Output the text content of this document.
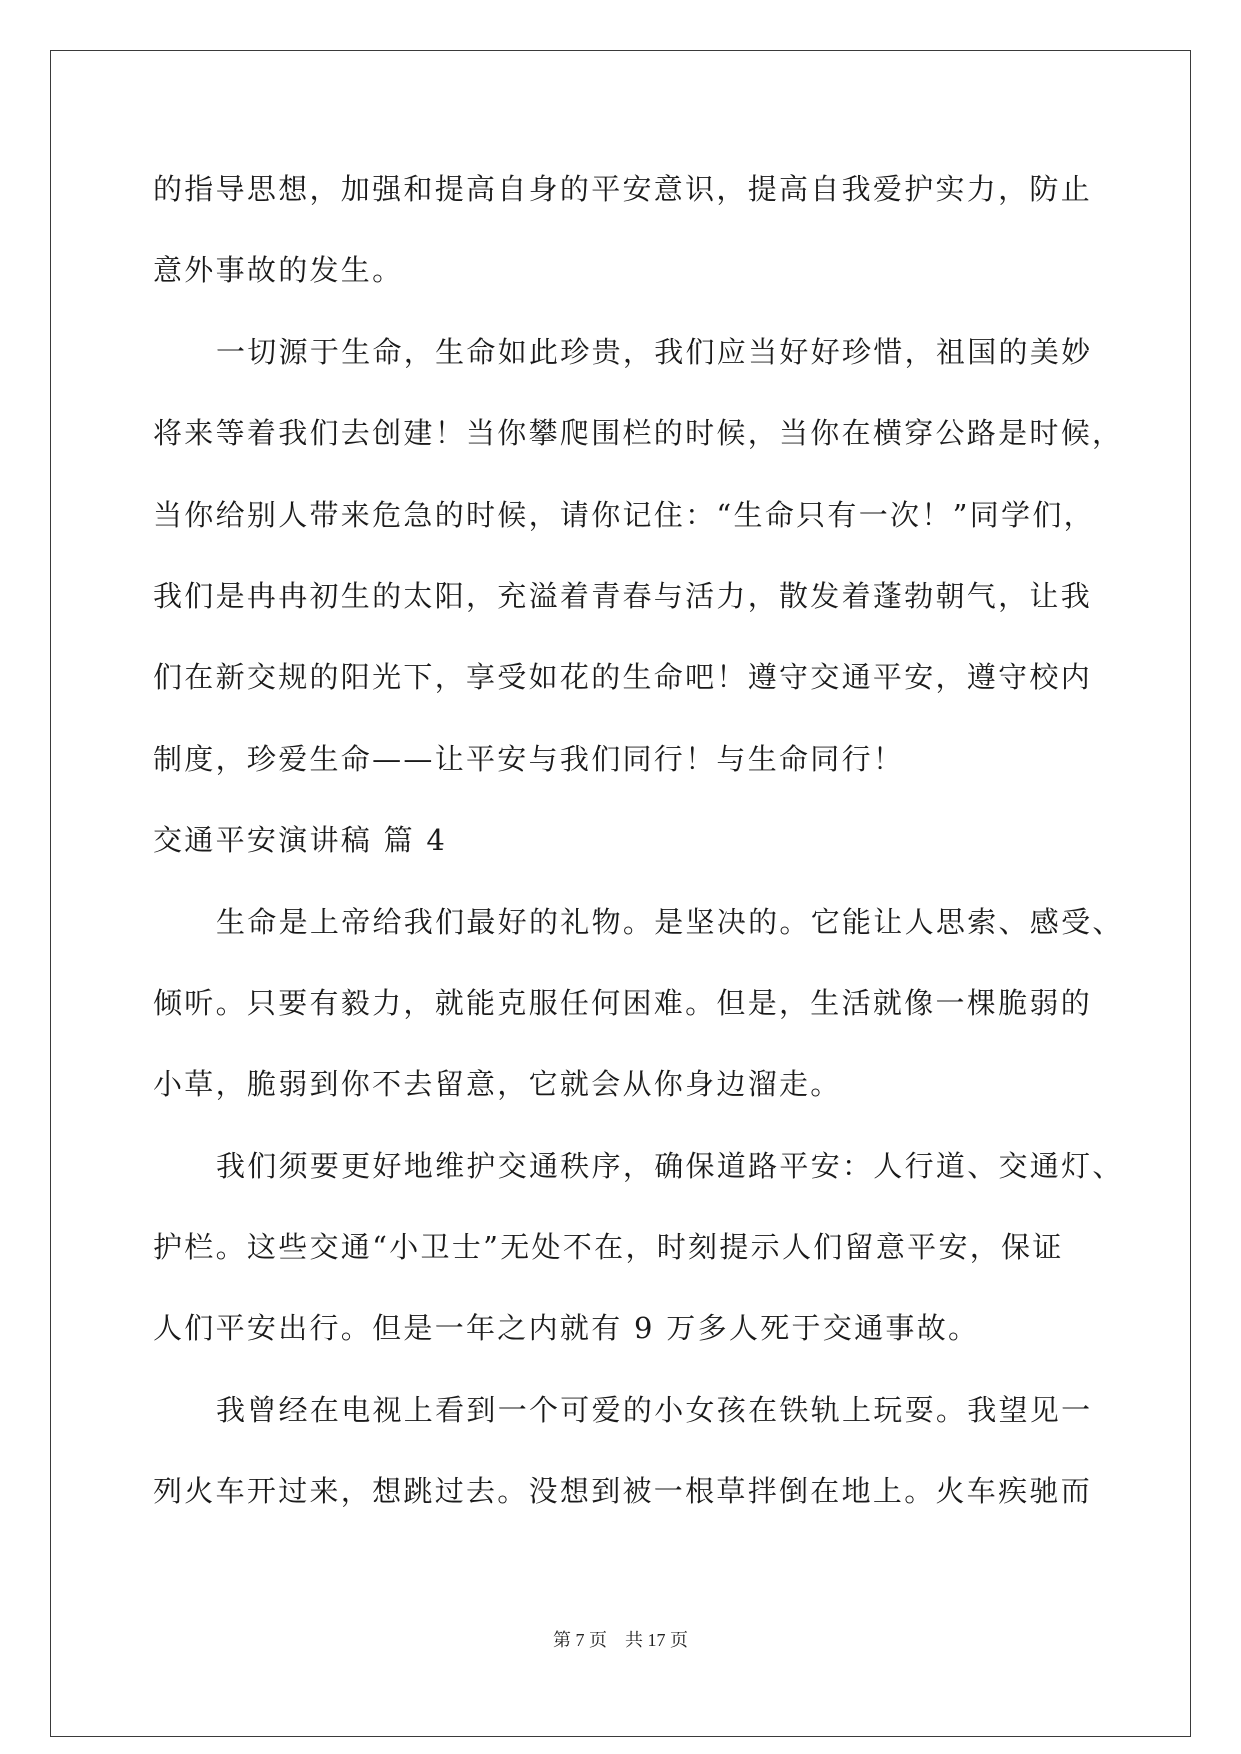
的指导思想，加强和提高自身的平安意识，提高自我爱护实力，防止
意外事故的发生。
一切源于生命，生命如此珍贵，我们应当好好珍惜，祖国的美妙
将来等着我们去创建！当你攀爬围栏的时候，当你在横穿公路是时候，
当你给别人带来危急的时候，请你记住：“生命只有一次！”同学们，
我们是冉冉初生的太阳，充溢着青春与活力，散发着蓬勃朝气，让我
们在新交规的阳光下，享受如花的生命吧！遵守交通平安，遵守校内
制度，珍爱生命——让平安与我们同行！与生命同行！
交通平安演讲稿 篇 4
生命是上帝给我们最好的礼物。是坚决的。它能让人思索、感受、
倾听。只要有毅力，就能克服任何困难。但是，生活就像一棵脆弱的
小草，脆弱到你不去留意，它就会从你身边溜走。
我们须要更好地维护交通秩序，确保道路平安：人行道、交通灯、
护栏。这些交通“小卫士”无处不在，时刻提示人们留意平安，保证
人们平安出行。但是一年之内就有 9 万多人死于交通事故。
我曾经在电视上看到一个可爱的小女孩在铁轨上玩耍。我望见一
列火车开过来，想跳过去。没想到被一根草拌倒在地上。火车疾驰而
第 7 页 共 17 页
